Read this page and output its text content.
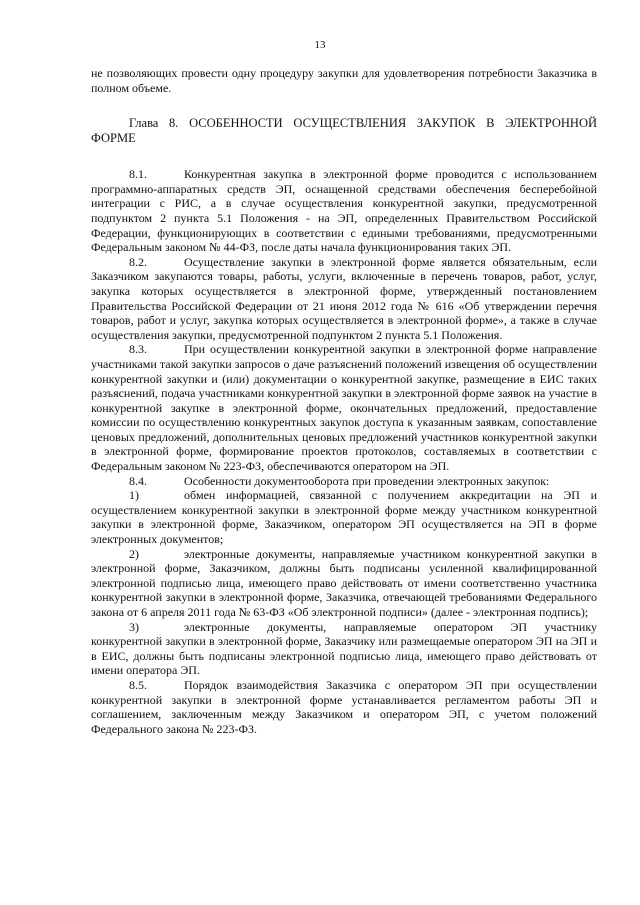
13

не позволяющих провести одну процедуру закупки для удовлетворения потребности Заказчика в полном объеме.

Глава 8. ОСОБЕННОСТИ ОСУЩЕСТВЛЕНИЯ ЗАКУПОК В ЭЛЕКТРОННОЙ ФОРМЕ

8.1.	Конкурентная закупка в электронной форме проводится с использованием программно-аппаратных средств ЭП, оснащенной средствами обеспечения бесперебойной интеграции с РИС, а в случае осуществления конкурентной закупки, предусмотренной подпунктом 2 пункта 5.1 Положения - на ЭП, определенных Правительством Российской Федерации, функционирующих в соответствии с едиными требованиями, предусмотренными Федеральным законом № 44-ФЗ, после даты начала функционирования таких ЭП.

8.2.	Осуществление закупки в электронной форме является обязательным, если Заказчиком закупаются товары, работы, услуги, включенные в перечень товаров, работ, услуг, закупка которых осуществляется в электронной форме, утвержденный постановлением Правительства Российской Федерации от 21 июня 2012 года № 616 «Об утверждении перечня товаров, работ и услуг, закупка которых осуществляется в электронной форме», а также в случае осуществления закупки, предусмотренной подпунктом 2 пункта 5.1 Положения.

8.3.	При осуществлении конкурентной закупки в электронной форме направление участниками такой закупки запросов о даче разъяснений положений извещения об осуществлении конкурентной закупки и (или) документации о конкурентной закупке, размещение в ЕИС таких разъяснений, подача участниками конкурентной закупки в электронной форме заявок на участие в конкурентной закупке в электронной форме, окончательных предложений, предоставление комиссии по осуществлению конкурентных закупок доступа к указанным заявкам, сопоставление ценовых предложений, дополнительных ценовых предложений участников конкурентной закупки в электронной форме, формирование проектов протоколов, составляемых в соответствии с Федеральным законом № 223-ФЗ, обеспечиваются оператором на ЭП.

8.4.	Особенности документооборота при проведении электронных закупок:

1)	обмен информацией, связанной с получением аккредитации на ЭП и осуществлением конкурентной закупки в электронной форме между участником конкурентной закупки в электронной форме, Заказчиком, оператором ЭП осуществляется на ЭП в форме электронных документов;

2)	электронные документы, направляемые участником конкурентной закупки в электронной форме, Заказчиком, должны быть подписаны усиленной квалифицированной электронной подписью лица, имеющего право действовать от имени соответственно участника конкурентной закупки в электронной форме, Заказчика, отвечающей требованиями Федерального закона от 6 апреля 2011 года № 63-ФЗ «Об электронной подписи» (далее - электронная подпись);

3)	электронные документы, направляемые оператором ЭП участнику конкурентной закупки в электронной форме, Заказчику или размещаемые оператором ЭП на ЭП и в ЕИС, должны быть подписаны электронной подписью лица, имеющего право действовать от имени оператора ЭП.

8.5.	Порядок взаимодействия Заказчика с оператором ЭП при осуществлении конкурентной закупки в электронной форме устанавливается регламентом работы ЭП и соглашением, заключенным между Заказчиком и оператором ЭП, с учетом положений Федерального закона № 223-ФЗ.
